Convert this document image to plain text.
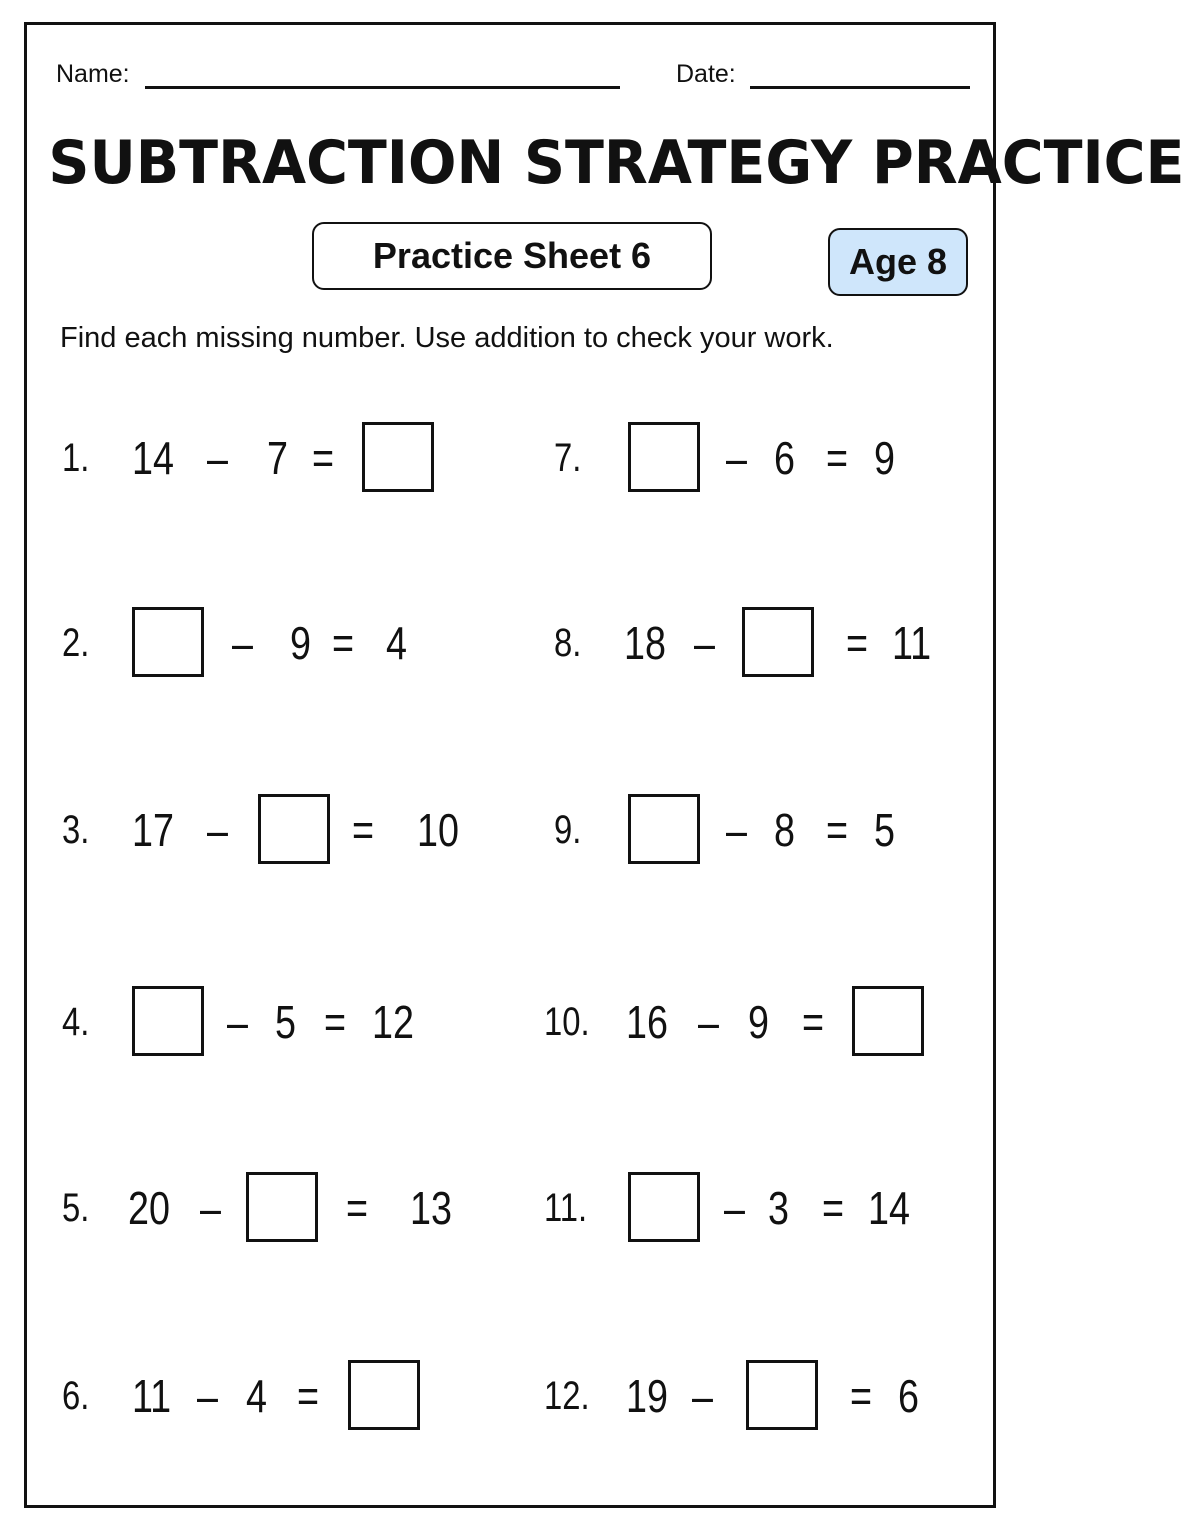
Name:	Date:
SUBTRACTION STRATEGY PRACTICE
Practice Sheet 6	Age 8
Find each missing number. Use addition to check your work.
1. 14 – 7 =
2.	– 9 = 4
3. 17 –	= 10
4.	– 5 = 12
5. 20 –	= 13
6. 11 – 4 =
7.	– 6 = 9
8. 18 –	= 11
9.	– 8 = 5
10. 16 – 9 =
11.	– 3 = 14
12. 19 –	= 6
